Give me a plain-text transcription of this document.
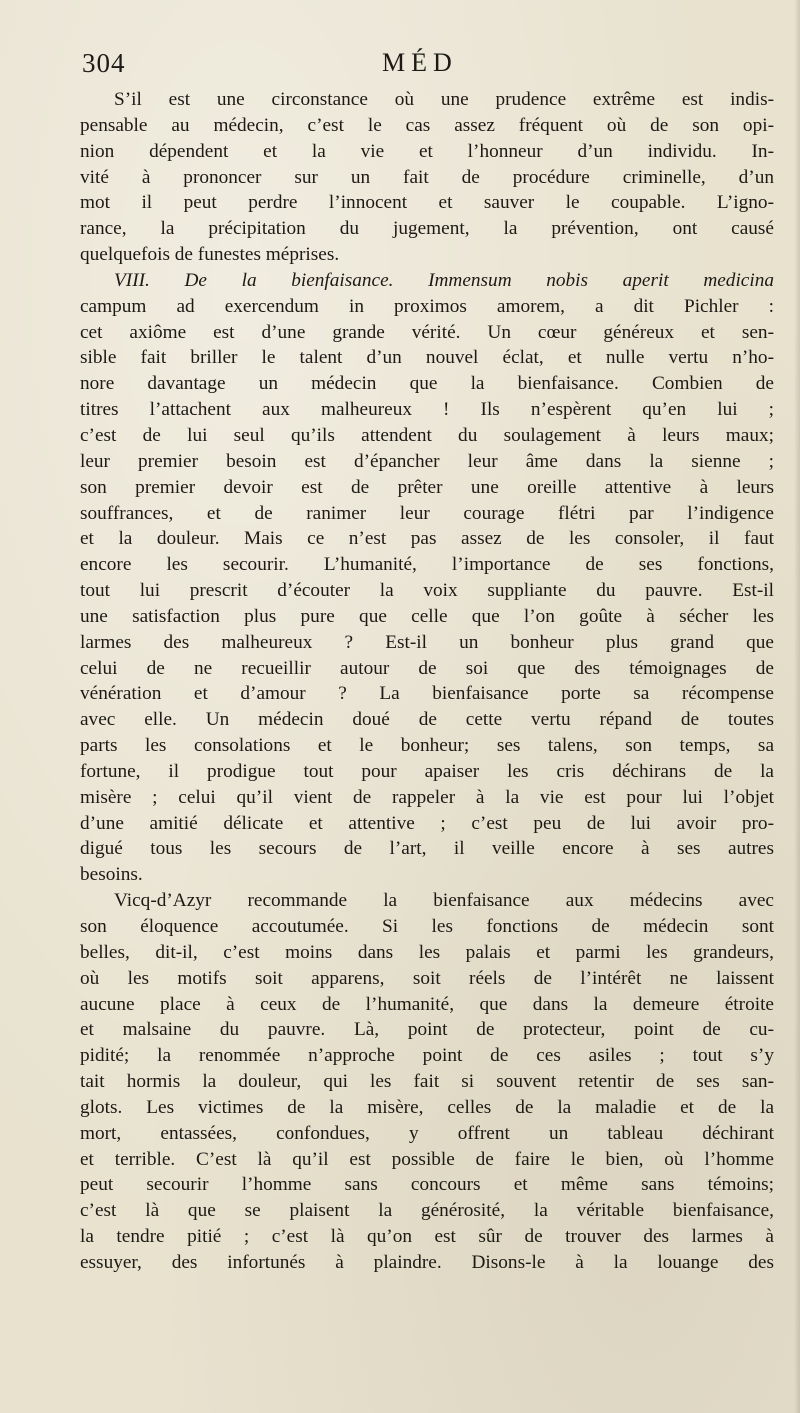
304	MÉD
S’il est une circonstance où une prudence extrême est indis-
pensable au médecin, c’est le cas assez fréquent où de son opi-
nion dépendent et la vie et l’honneur d’un individu. In-
vité à prononcer sur un fait de procédure criminelle, d’un
mot il peut perdre l’innocent et sauver le coupable. L’igno-
rance, la précipitation du jugement, la prévention, ont causé
quelquefois de funestes méprises.
VIII. De la bienfaisance. Immensum nobis aperit medicina
campum ad exercendum in proximos amorem, a dit Pichler :
cet axiôme est d’une grande vérité. Un cœur généreux et sen-
sible fait briller le talent d’un nouvel éclat, et nulle vertu n’ho-
nore davantage un médecin que la bienfaisance. Combien de
titres l’attachent aux malheureux ! Ils n’espèrent qu’en lui ;
c’est de lui seul qu’ils attendent du soulagement à leurs maux;
leur premier besoin est d’épancher leur âme dans la sienne ;
son premier devoir est de prêter une oreille attentive à leurs
souffrances, et de ranimer leur courage flétri par l’indigence
et la douleur. Mais ce n’est pas assez de les consoler, il faut
encore les secourir. L’humanité, l’importance de ses fonctions,
tout lui prescrit d’écouter la voix suppliante du pauvre. Est-il
une satisfaction plus pure que celle que l’on goûte à sécher les
larmes des malheureux ? Est-il un bonheur plus grand que
celui de ne recueillir autour de soi que des témoignages de
vénération et d’amour ? La bienfaisance porte sa récompense
avec elle. Un médecin doué de cette vertu répand de toutes
parts les consolations et le bonheur; ses talens, son temps, sa
fortune, il prodigue tout pour apaiser les cris déchirans de la
misère ; celui qu’il vient de rappeler à la vie est pour lui l’objet
d’une amitié délicate et attentive ; c’est peu de lui avoir pro-
digué tous les secours de l’art, il veille encore à ses autres
besoins.
Vicq-d’Azyr recommande la bienfaisance aux médecins avec
son éloquence accoutumée. Si les fonctions de médecin sont
belles, dit-il, c’est moins dans les palais et parmi les grandeurs,
où les motifs soit apparens, soit réels de l’intérêt ne laissent
aucune place à ceux de l’humanité, que dans la demeure étroite
et malsaine du pauvre. Là, point de protecteur, point de cu-
pidité; la renommée n’approche point de ces asiles ; tout s’y
tait hormis la douleur, qui les fait si souvent retentir de ses san-
glots. Les victimes de la misère, celles de la maladie et de la
mort, entassées, confondues, y offrent un tableau déchirant
et terrible. C’est là qu’il est possible de faire le bien, où l’homme
peut secourir l’homme sans concours et même sans témoins;
c’est là que se plaisent la générosité, la véritable bienfaisance,
la tendre pitié ; c’est là qu’on est sûr de trouver des larmes à
essuyer, des infortunés à plaindre. Disons-le à la louange des
